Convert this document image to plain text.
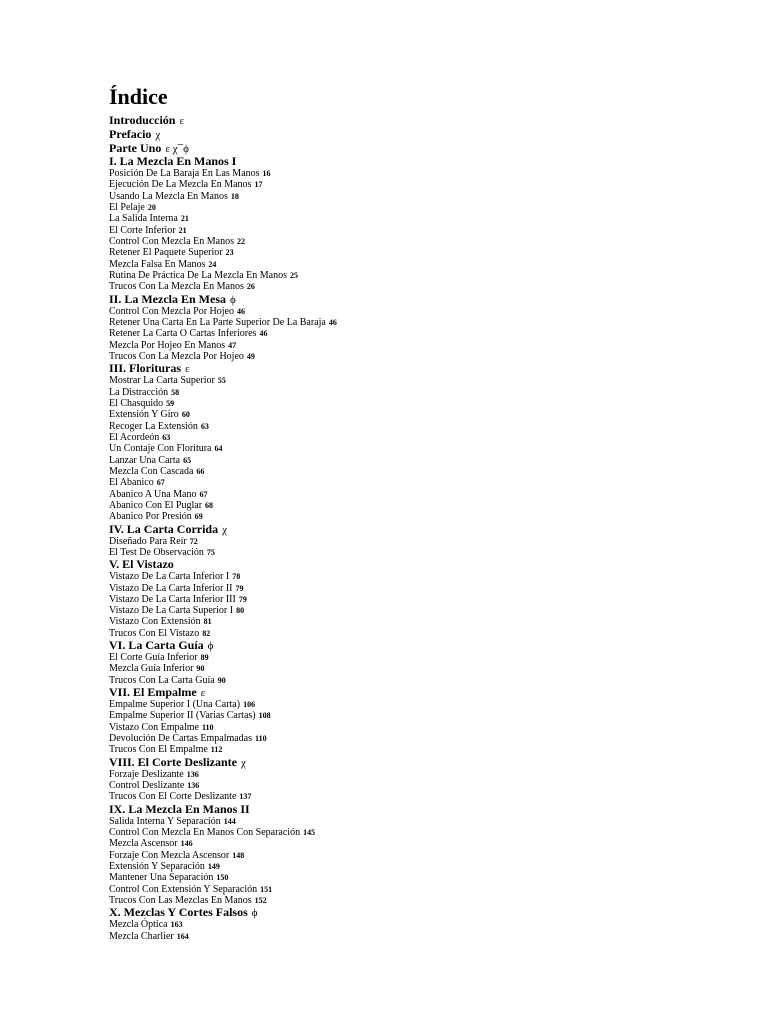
Índice
Introducción ε
Prefacio χ
Parte Uno ε χ ̅ ϕ
I. La Mezcla En Manos I
Posición De La Baraja En Las Manos 16
Ejecución De La Mezcla En Manos 17
Usando La Mezcla En Manos 18
El Pelaje 20
La Salida Interna 21
El Corte Inferior 21
Control Con Mezcla En Manos 22
Retener El Paquete Superior 23
Mezcla Falsa En Manos 24
Rutina De Práctica De La Mezcla En Manos 25
Trucos Con La Mezcla En Manos 26
II. La Mezcla En Mesa ϕ
Control Con Mezcla Por Hojeo 46
Retener Una Carta En La Parte Superior De La Baraja 46
Retener La Carta O Cartas Inferiores 46
Mezcla Por Hojeo En Manos 47
Trucos Con La Mezcla Por Hojeo 49
III. Florituras ε
Mostrar La Carta Superior 55
La Distracción 58
El Chasquido 59
Extensión Y Giro 60
Recoger La Extensión 63
El Acordeón 63
Un Contaje Con Floritura 64
Lanzar Una Carta 65
Mezcla Con Cascada 66
El Abanico 67
Abanico A Una Mano 67
Abanico Con El Puglar 68
Abanico Por Presión 69
IV. La Carta Corrida χ
Diseñado Para Reír 72
El Test De Observación 75
V. El Vistazo
Vistazo De La Carta Inferior I 78
Vistazo De La Carta Inferior II 79
Vistazo De La Carta Inferior III 79
Vistazo De La Carta Superior I 80
Vistazo Con Extensión 81
Trucos Con El Vistazo 82
VI. La Carta Guía ϕ
El Corte Guía Inferior 89
Mezcla Guía Inferior 90
Trucos Con La Carta Guía 90
VII. El Empalme ε
Empalme Superior I (Una Carta) 106
Empalme Superior II (Varias Cartas) 108
Vistazo Con Empalme 110
Devolución De Cartas Empalmadas 110
Trucos Con El Empalme 112
VIII. El Corte Deslizante χ
Forzaje Deslizante 136
Control Deslizante 136
Trucos Con El Corte Deslizante 137
IX. La Mezcla En Manos II
Salida Interna Y Separación 144
Control Con Mezcla En Manos Con Separación 145
Mezcla Ascensor 146
Forzaje Con Mezcla Ascensor 148
Extensión Y Separación 149
Mantener Una Separación 150
Control Con Extensión Y Separación 151
Trucos Con Las Mezclas En Manos 152
X. Mezclas Y Cortes Falsos ϕ
Mezcla Óptica 163
Mezcla Charlier 164
